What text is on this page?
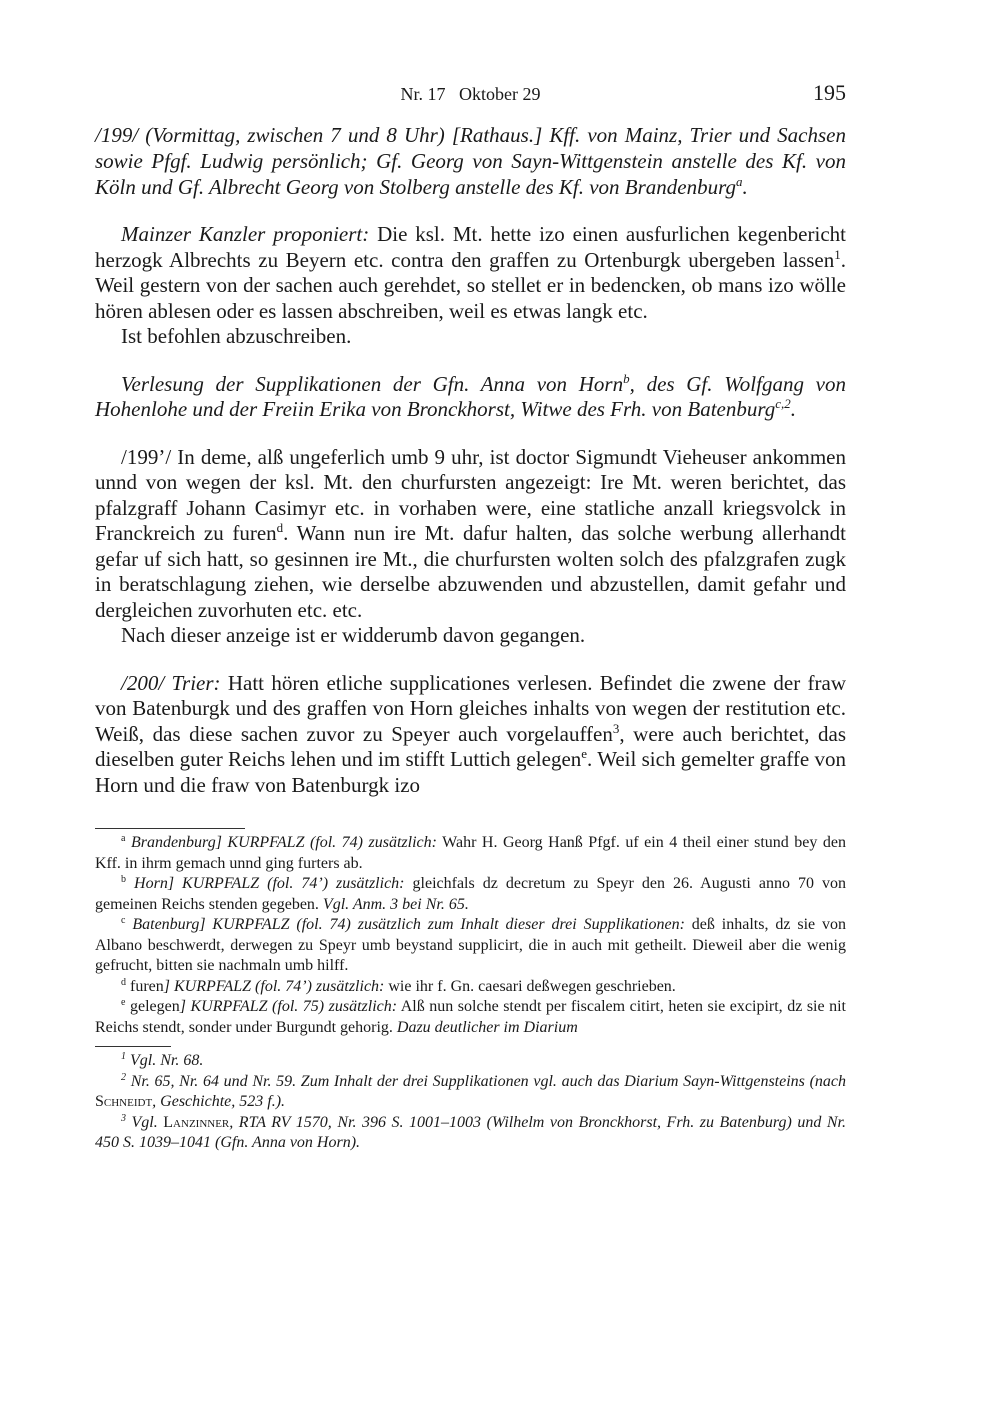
Nr. 17   Oktober 29	195
/199/ (Vormittag, zwischen 7 und 8 Uhr) [Rathaus.] Kff. von Mainz, Trier und Sachsen sowie Pfgf. Ludwig persönlich; Gf. Georg von Sayn-Wittgenstein anstelle des Kf. von Köln und Gf. Albrecht Georg von Stolberg anstelle des Kf. von Brandenburg$^a$.

Mainzer Kanzler proponiert: Die ksl. Mt. hette izo einen ausfurlichen kegenbericht herzogk Albrechts zu Beyern etc. contra den graffen zu Ortenburgk ubergeben lassen$^1$. Weil gestern von der sachen auch gerehdet, so stellet er in bedencken, ob mans izo wölle hören ablesen oder es lassen abschreiben, weil es etwas langk etc.

Ist befohlen abzuschreiben.

Verlesung der Supplikationen der Gfn. Anna von Horn$^b$, des Gf. Wolfgang von Hohenlohe und der Freiin Erika von Bronckhorst, Witwe des Frh. von Batenburg$^{c,2}$.

/199’/ In deme, alß ungeferlich umb 9 uhr, ist doctor Sigmundt Vieheuser ankommen unnd von wegen der ksl. Mt. den churfursten angezeigt: Ire Mt. weren berichtet, das pfalzgraff Johann Casimyr etc. in vorhaben were, eine statliche anzall kriegsvolck in Franckreich zu furen$^d$. Wann nun ire Mt. dafur halten, das solche werbung allerhandt gefar uf sich hatt, so gesinnen ire Mt., die churfursten wolten solch des pfalzgrafen zugk in beratschlagung ziehen, wie derselbe abzuwenden und abzustellen, damit gefahr und dergleichen zuvorhuten etc. etc.

Nach dieser anzeige ist er widderumb davon gegangen.

/200/ Trier: Hatt hören etliche supplicationes verlesen. Befindet die zwene der fraw von Batenburgk und des graffen von Horn gleiches inhalts von wegen der restitution etc. Weiß, das diese sachen zuvor zu Speyer auch vorgelauffen$^3$, were auch berichtet, das dieselben guter Reichs lehen und im stifft Luttich gelegen$^e$. Weil sich gemelter graffe von Horn und die fraw von Batenburgk izo

$^a$ Brandenburg] KURPFALZ (fol. 74) zusätzlich: Wahr H. Georg Hanß Pfgf. uf ein 4 theil einer stund bey den Kff. in ihrm gemach unnd ging furters ab.

$^b$ Horn] KURPFALZ (fol. 74’) zusätzlich: gleichfals dz decretum zu Speyr den 26. Augusti anno 70 von gemeinen Reichs stenden gegeben. Vgl. Anm. 3 bei Nr. 65.

$^c$ Batenburg] KURPFALZ (fol. 74) zusätzlich zum Inhalt dieser drei Supplikationen: deß inhalts, dz sie von Albano beschwerdt, derwegen zu Speyr umb beystand supplicirt, die in auch mit getheilt. Dieweil aber die wenig gefrucht, bitten sie nachmaln umb hilff.

$^d$ furen] KURPFALZ (fol. 74’) zusätzlich: wie ihr f. Gn. caesari deßwegen geschrieben.

$^e$ gelegen] KURPFALZ (fol. 75) zusätzlich: Alß nun solche stendt per fiscalem citirt, heten sie excipirt, dz sie nit Reichs stendt, sonder under Burgundt gehorig. Dazu deutlicher im Diarium

$^1$ Vgl. Nr. 68.

$^2$ Nr. 65, Nr. 64 und Nr. 59. Zum Inhalt der drei Supplikationen vgl. auch das Diarium Sayn-Wittgensteins (nach Schneidt, Geschichte, 523 f.).

$^3$ Vgl. Lanzinner, RTA RV 1570, Nr. 396 S. 1001–1003 (Wilhelm von Bronckhorst, Frh. zu Batenburg) und Nr. 450 S. 1039–1041 (Gfn. Anna von Horn).
